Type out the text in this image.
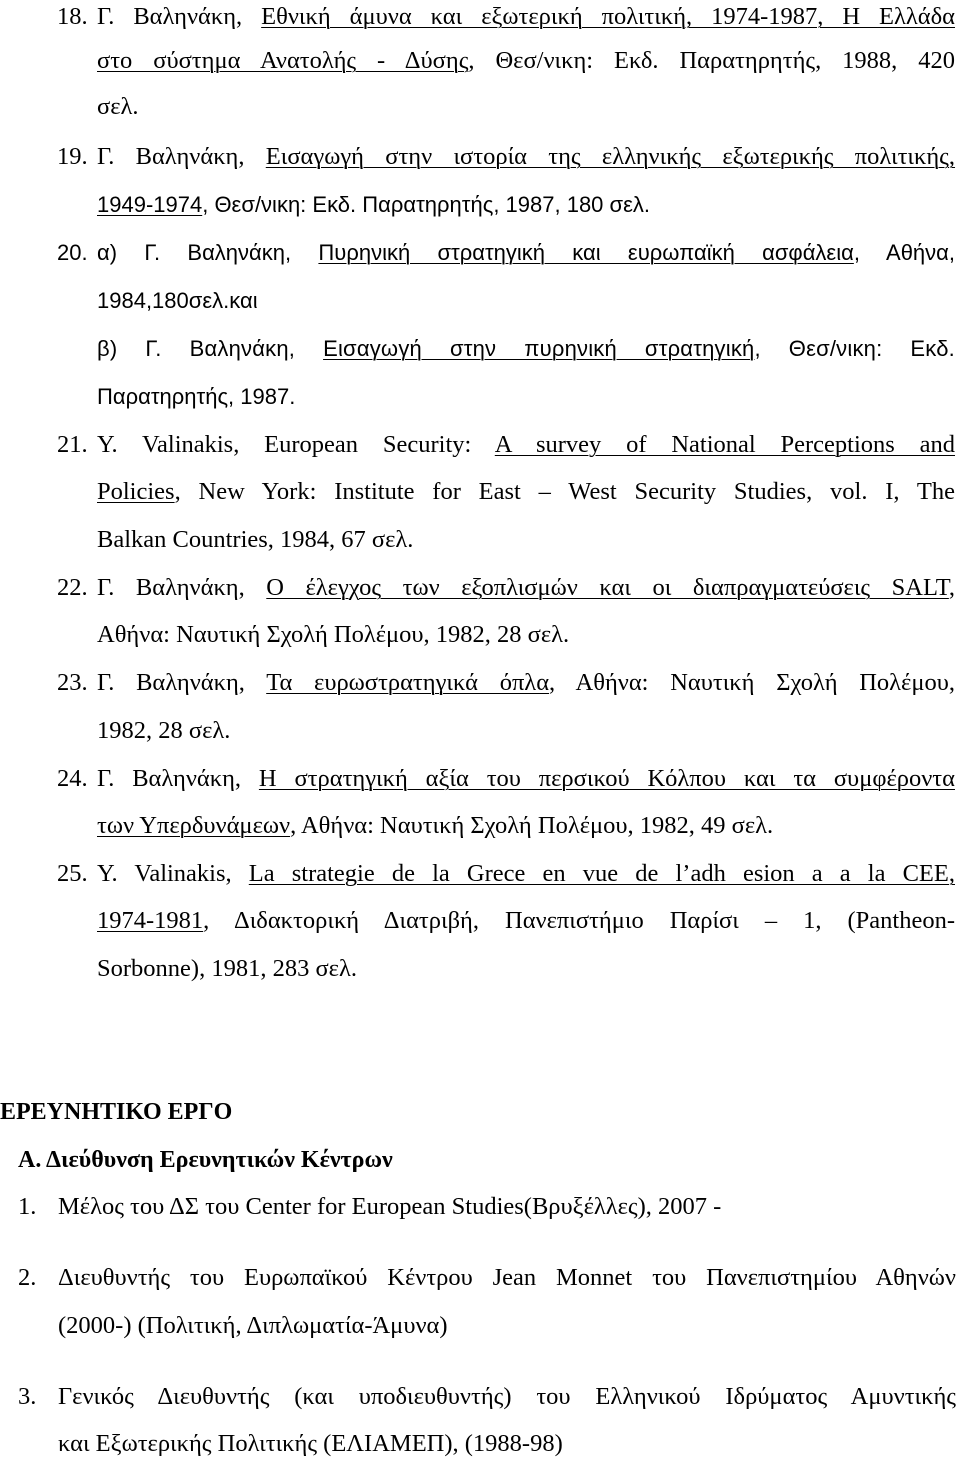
18. Γ. Βαληνάκη, Εθνική άμυνα και εξωτερική πολιτική, 1974-1987, Η Ελλάδα
στο σύστημα Ανατολής - Δύσης, Θεσ/νικη: Εκδ. Παρατηρητής, 1988, 420
σελ.
19. Γ. Βαληνάκη, Εισαγωγή στην ιστορία της ελληνικής εξωτερικής πολιτικής,
1949-1974, Θεσ/νικη: Εκδ. Παρατηρητής, 1987, 180 σελ.
20. α) Γ. Βαληνάκη, Πυρηνική στρατηγική και ευρωπαϊκή ασφάλεια, Αθήνα,
1984,180σελ.και
β) Γ. Βαληνάκη, Εισαγωγή στην πυρηνική στρατηγική, Θεσ/νικη: Εκδ.
Παρατηρητής, 1987.
21. Y. Valinakis, European Security: A survey of National Perceptions and
Policies, New York: Institute for East – West Security Studies, vol. I, The
Balkan Countries, 1984, 67 σελ.
22. Γ. Βαληνάκη, Ο έλεγχος των εξοπλισμών και οι διαπραγματεύσεις SALT,
Αθήνα: Ναυτική Σχολή Πολέμου, 1982, 28 σελ.
23. Γ. Βαληνάκη, Τα ευρωστρατηγικά όπλα, Αθήνα: Ναυτική Σχολή Πολέμου,
1982, 28 σελ.
24. Γ. Βαληνάκη, Η στρατηγική αξία του περσικού Κόλπου και τα συμφέροντα
των Υπερδυνάμεων, Αθήνα: Ναυτική Σχολή Πολέμου, 1982, 49 σελ.
25. Y. Valinakis, La strategie de la Grece en vue de l’adh esion a a la CEE,
1974-1981, Διδακτορική Διατριβή, Πανεπιστήμιο Παρίσι – 1, (Pantheon-
Sorbonne), 1981, 283 σελ.
ΕΡΕΥΝΗΤΙΚΟ ΕΡΓΟ
Α. Διεύθυνση Ερευνητικών Κέντρων
1. Μέλος του ΔΣ του Center for European Studies(Βρυξέλλες), 2007 -
2. Διευθυντής του Ευρωπαϊκού Κέντρου Jean Monnet του Πανεπιστημίου Αθηνών
(2000-) (Πολιτική, Διπλωματία-Άμυνα)
3. Γενικός Διευθυντής (και υποδιευθυντής) του Ελληνικού Ιδρύματος Αμυντικής
και Εξωτερικής Πολιτικής (ΕΛΙΑΜΕΠ), (1988-98)
